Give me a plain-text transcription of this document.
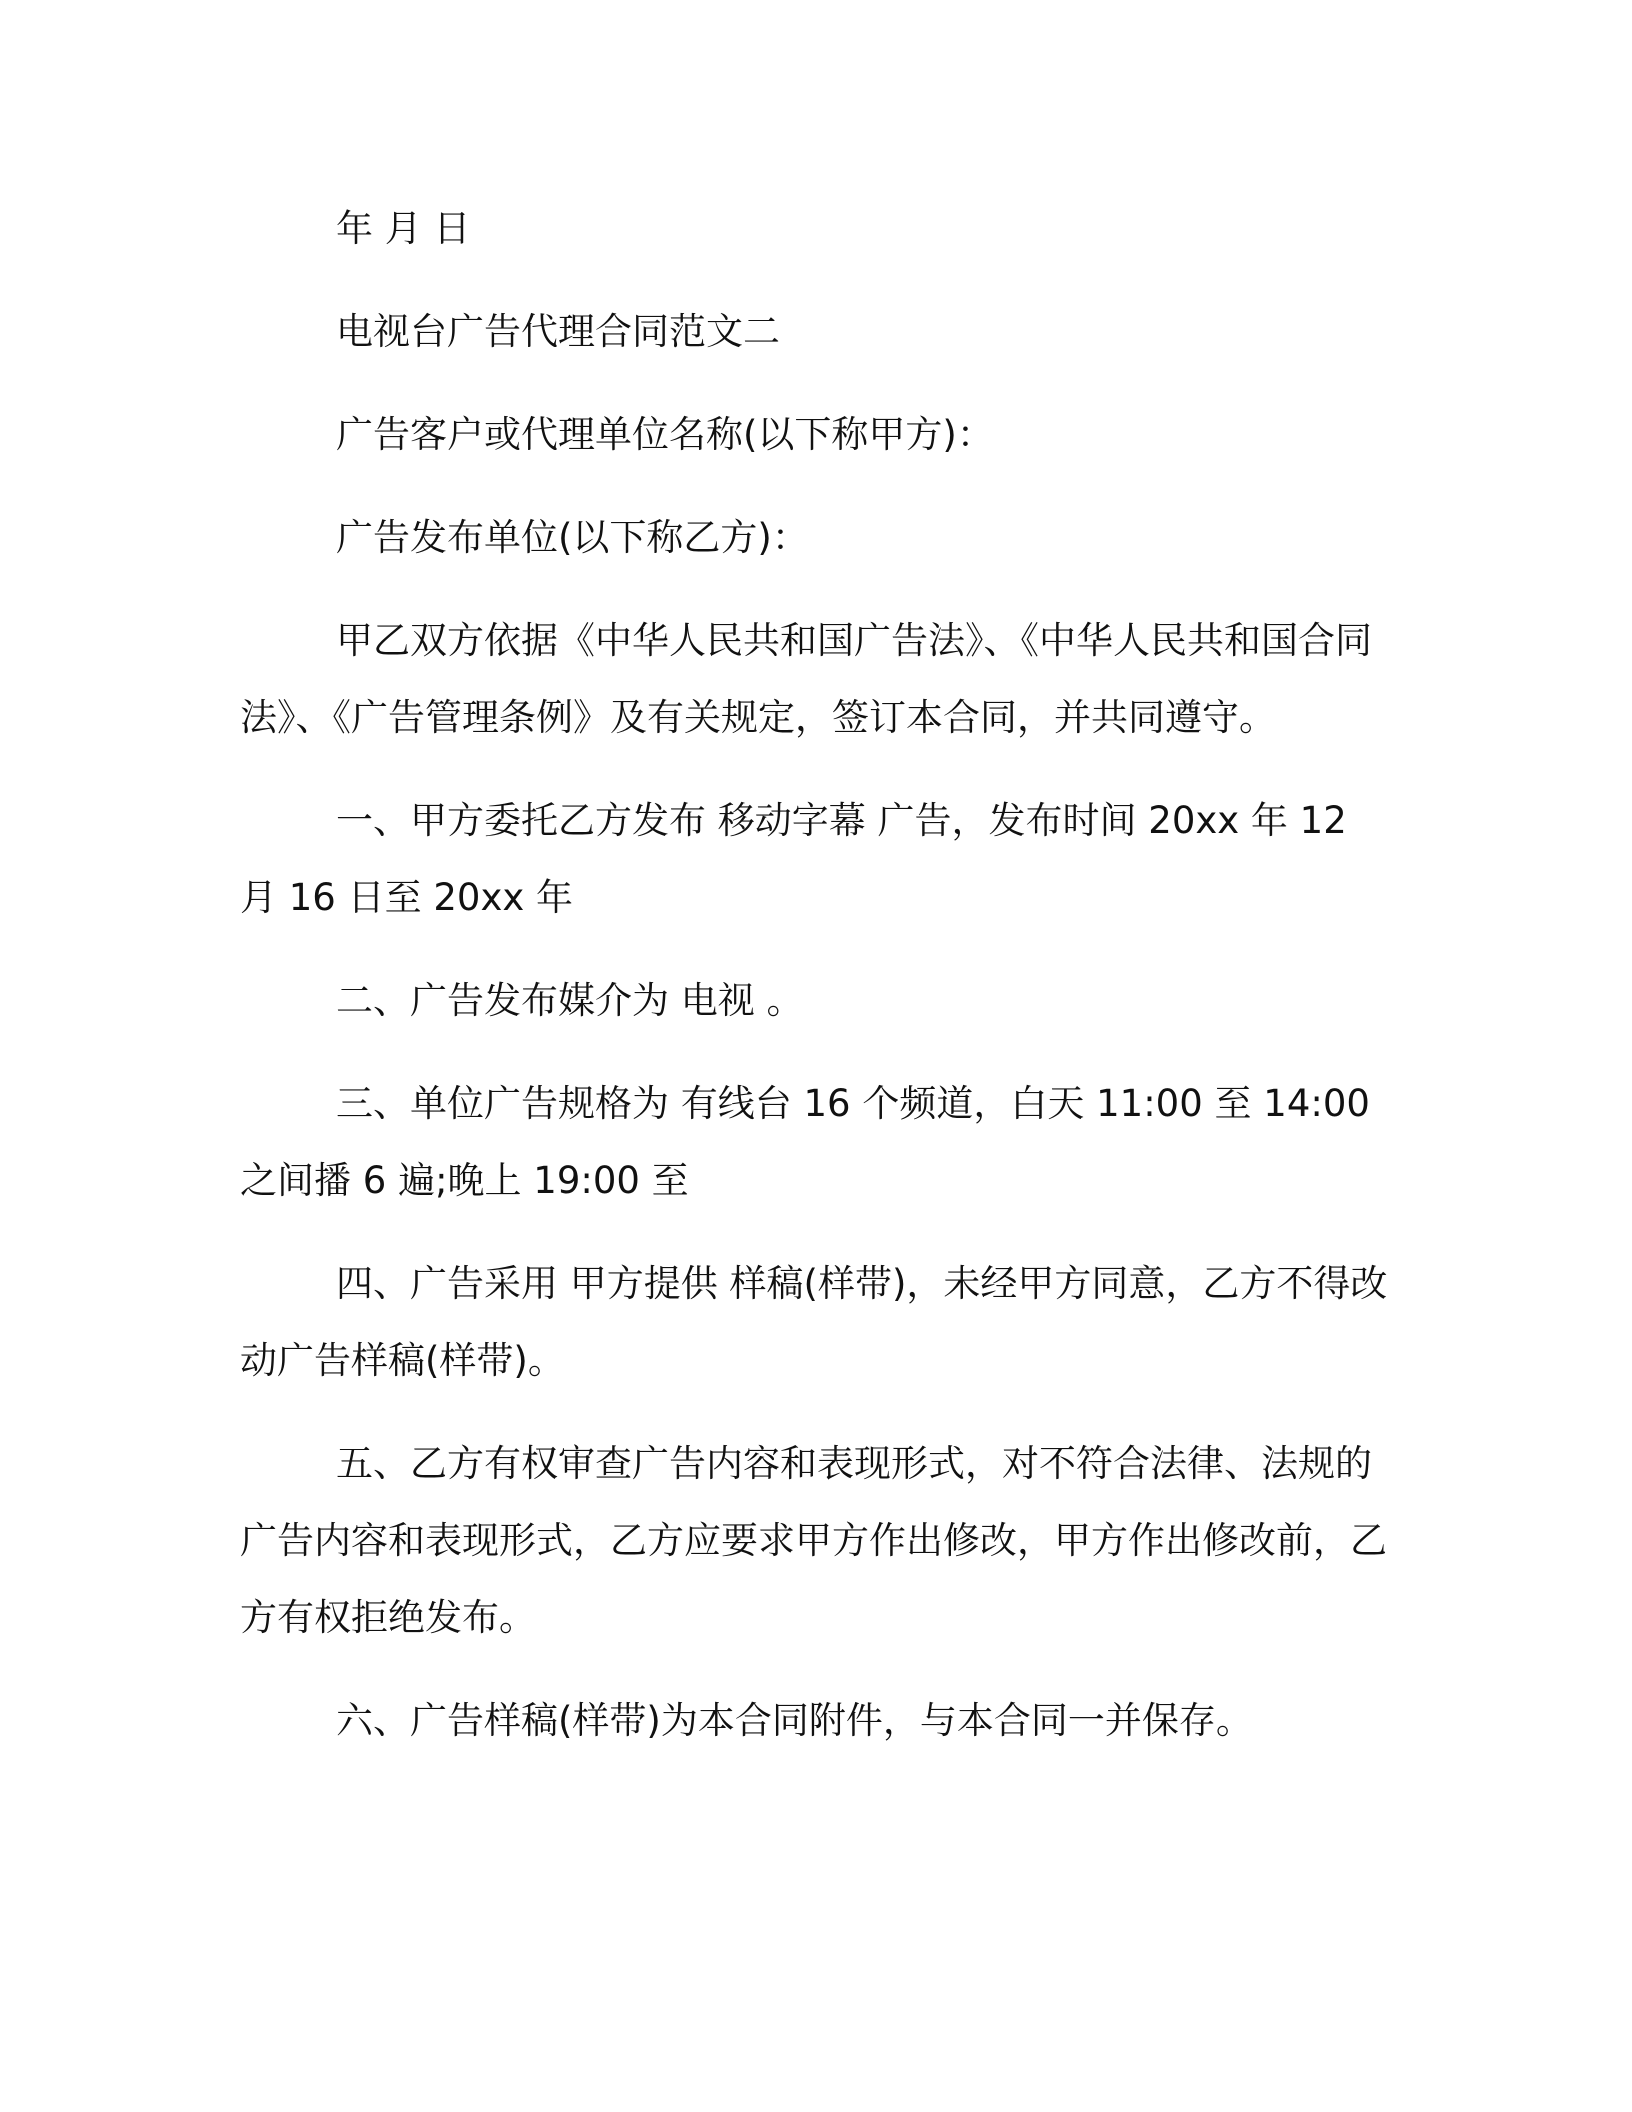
年 月 日

电视台广告代理合同范文二

广告客户或代理单位名称(以下称甲方)：

广告发布单位(以下称乙方)：

甲乙双方依据《中华人民共和国广告法》、《中华人民共和国合同法》、《广告管理条例》及有关规定，签订本合同，并共同遵守。

一、甲方委托乙方发布 移动字幕 广告，发布时间 20xx 年 12 月 16 日至 20xx 年

二、广告发布媒介为 电视 。

三、单位广告规格为 有线台 16 个频道，白天 11:00 至 14:00 之间播 6 遍;晚上 19:00 至

四、广告采用 甲方提供 样稿(样带)，未经甲方同意，乙方不得改动广告样稿(样带)。

五、乙方有权审查广告内容和表现形式，对不符合法律、法规的广告内容和表现形式，乙方应要求甲方作出修改，甲方作出修改前，乙方有权拒绝发布。

六、广告样稿(样带)为本合同附件，与本合同一并保存。
